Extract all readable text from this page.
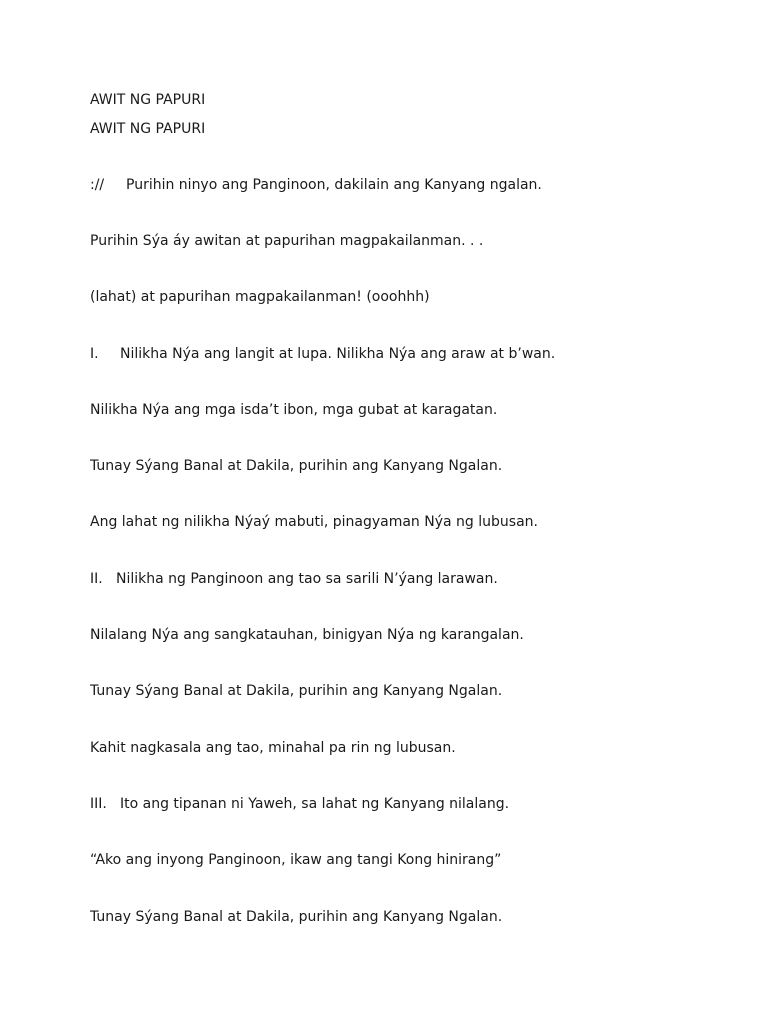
AWIT NG PAPURI
AWIT NG PAPURI
:// Purihin ninyo ang Panginoon, dakilain ang Kanyang ngalan.
Purihin Sýa áy awitan at papurihan magpakailanman. . .
(lahat) at papurihan magpakailanman! (ooohhh)
I. Nilikha Nýa ang langit at lupa. Nilikha Nýa ang araw at b’wan.
Nilikha Nýa ang mga isda’t ibon, mga gubat at karagatan.
Tunay Sýang Banal at Dakila, purihin ang Kanyang Ngalan.
Ang lahat ng nilikha Nýaý mabuti, pinagyaman Nýa ng lubusan.
II. Nilikha ng Panginoon ang tao sa sarili N’ýang larawan.
Nilalang Nýa ang sangkatauhan, binigyan Nýa ng karangalan.
Tunay Sýang Banal at Dakila, purihin ang Kanyang Ngalan.
Kahit nagkasala ang tao, minahal pa rin ng lubusan.
III. Ito ang tipanan ni Yaweh, sa lahat ng Kanyang nilalang.
“Ako ang inyong Panginoon, ikaw ang tangi Kong hinirang”
Tunay Sýang Banal at Dakila, purihin ang Kanyang Ngalan.
